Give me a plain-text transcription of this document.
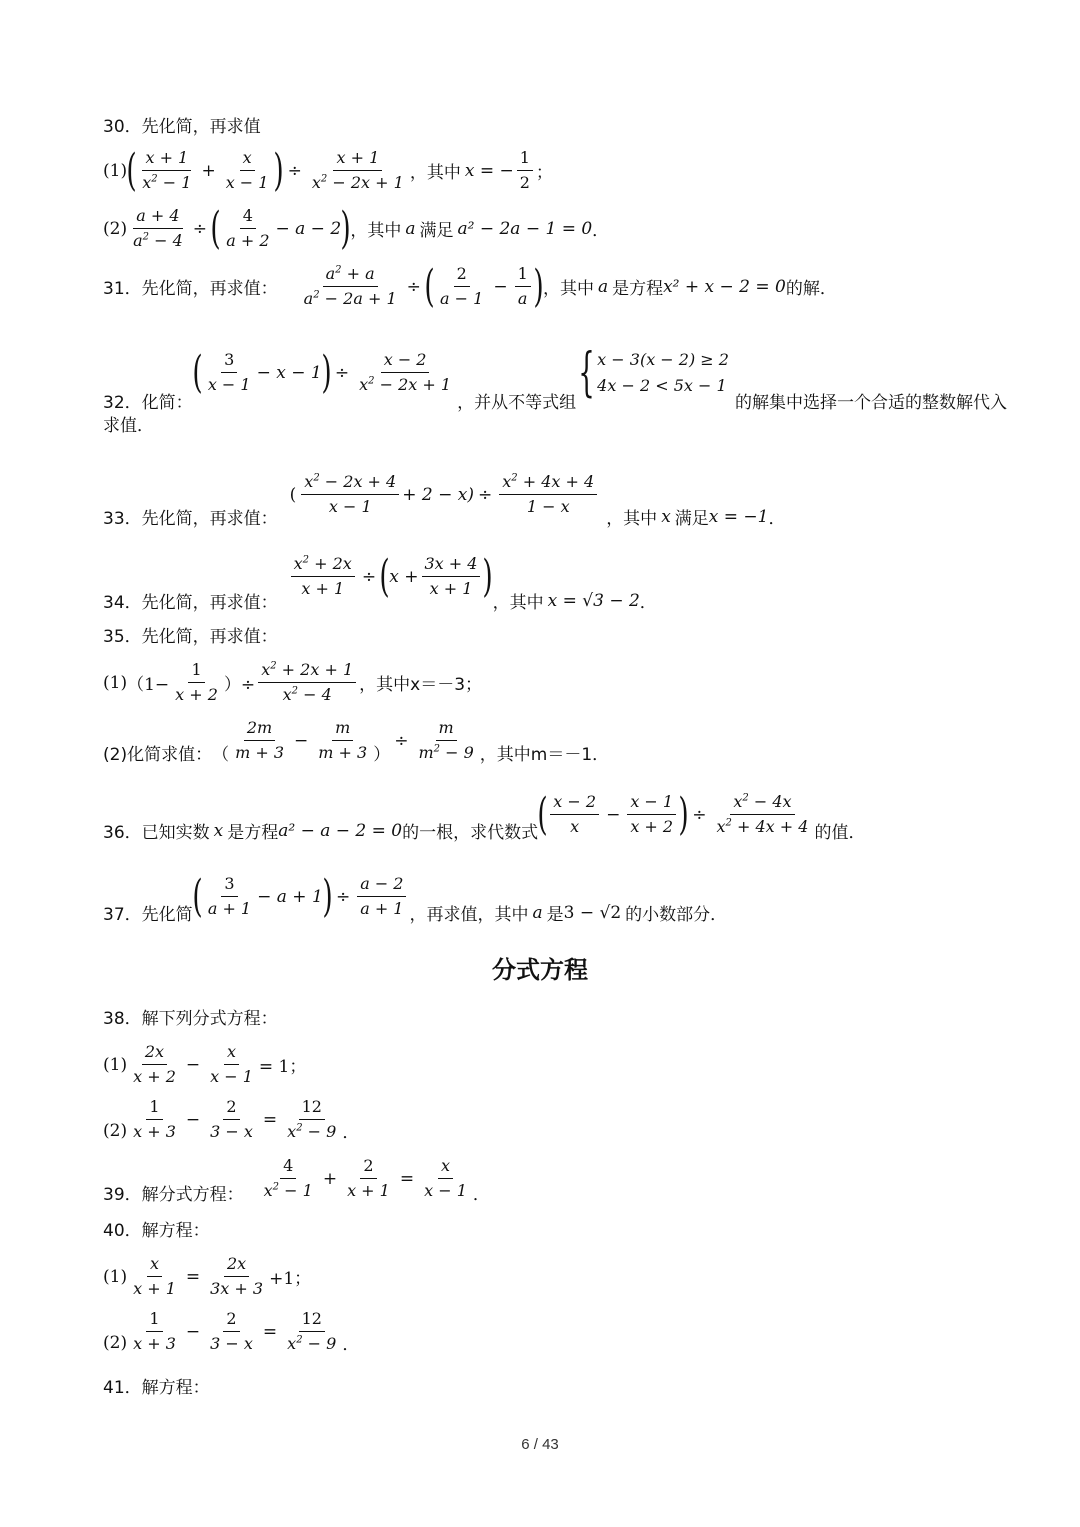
30．先化简，再求值
(1) ( $\frac{x + 1}{x^2 - 1} + \frac{x}{x - 1}$ ) ÷ $\frac{x + 1}{x^2 - 2x + 1}$ ，其中 x = − $\frac{1}{2}$ ；
$(2) \frac{a + 4}{a^2 - 4}$ ÷ ( $\frac{4}{a + 2} - a - 2$ ) ，其中 a 满足 a² − 2a − 1 = 0 ．
31．先化简，再求值： $\frac{a^2 + a}{a^2 - 2a + 1}$ ÷ ( $\frac{2}{a - 1} - \frac{1}{a}$ ) ，其中 a 是方程 x² + x − 2 = 0 的解．
32．化简：
( $\frac{3}{x - 1} - x - 1$ ) ÷ $\frac{x - 2}{x^2 - 2x + 1}$
，并从不等式组
{ x − 3(x − 2) ≥ 2
4x − 2 < 5x − 1
的解集中选择一个合适的整数解代入
求值．
33．先化简，再求值：
( $\frac{x^2 - 2x + 4}{x - 1} + 2 - x) \div \frac{x^2 + 4x + 4}{1 - x}$
，其中 x 满足 x = −1 ．
34．先化简，再求值：
$\frac{x^2 + 2x}{x + 1}$ ÷ ( $x + \frac{3x + 4}{x + 1}$ )
，其中 x = √3 − 2 ．
35．先化简，再求值：
(1) （$1- \frac{1}{x + 2}$ ）÷ $\frac{x^2 + 2x + 1}{x^2 - 4}$ ，其中x＝－3；
(2)化简求值： （ $\frac{2m}{m + 3} - \frac{m}{m + 3}$ ）
÷ $\frac{m}{m^2 - 9}$ ，其中m＝－1．
36．已知实数 x 是方程 a² − a − 2 = 0 的一根，求代数式 ( $\frac{x - 2}{x} - \frac{x - 1}{x + 2}$ ) ÷ $\frac{x^2 - 4x}{x^2 + 4x + 4}$ 的值．
37．先化简 ( $\frac{3}{a + 1} - a + 1$ ) ÷ $\frac{a - 2}{a + 1}$ ，再求值，其中 a 是 3 − √2 的小数部分．
分式方程
38．解下列分式方程：
$(1) \frac{2x}{x + 2} - \frac{x}{x - 1} = 1$；
$(2) \frac{1}{x + 3} - \frac{2}{3 - x} = \frac{12}{x^2 - 9}$ ．
39．解分式方程： $\frac{4}{x^2 - 1} + \frac{2}{x + 1} = \frac{x}{x - 1}$ ．
40．解方程：
$(1) \frac{x}{x + 1} = \frac{2x}{3x + 3} +1$；
$(2) \frac{1}{x + 3} - \frac{2}{3 - x} = \frac{12}{x^2 - 9}$ ．
41．解方程：
6 / 43
